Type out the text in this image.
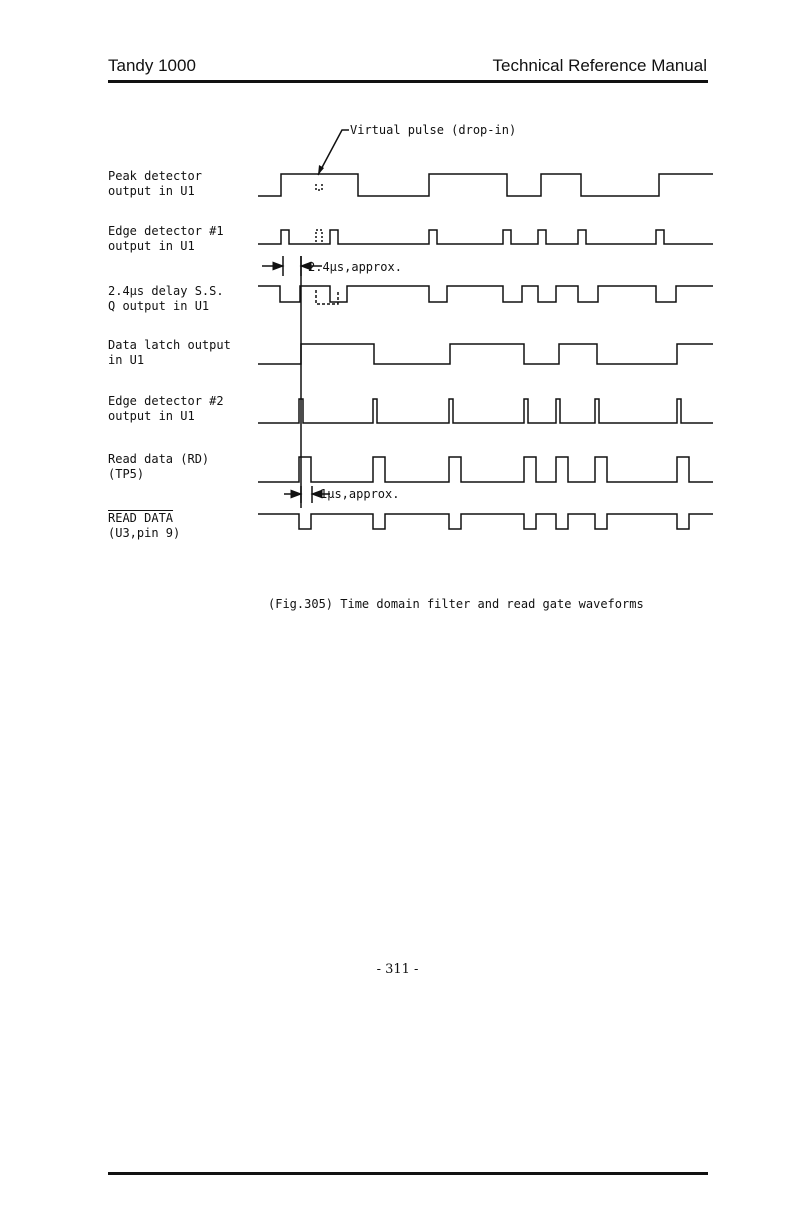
Tandy 1000	Technical Reference Manual
Peak detector
output in U1
Edge detector #1
output in U1
2.4µs delay S.S.
Q output in U1
Data latch output
in U1
Edge detector #2
output in U1
Read data (RD)
(TP5)
READ DATA
(U3,pin 9)
Virtual pulse (drop-in)
2.4µs,approx.
1µs,approx.
(Fig.305) Time domain filter and read gate waveforms
- 311 -
